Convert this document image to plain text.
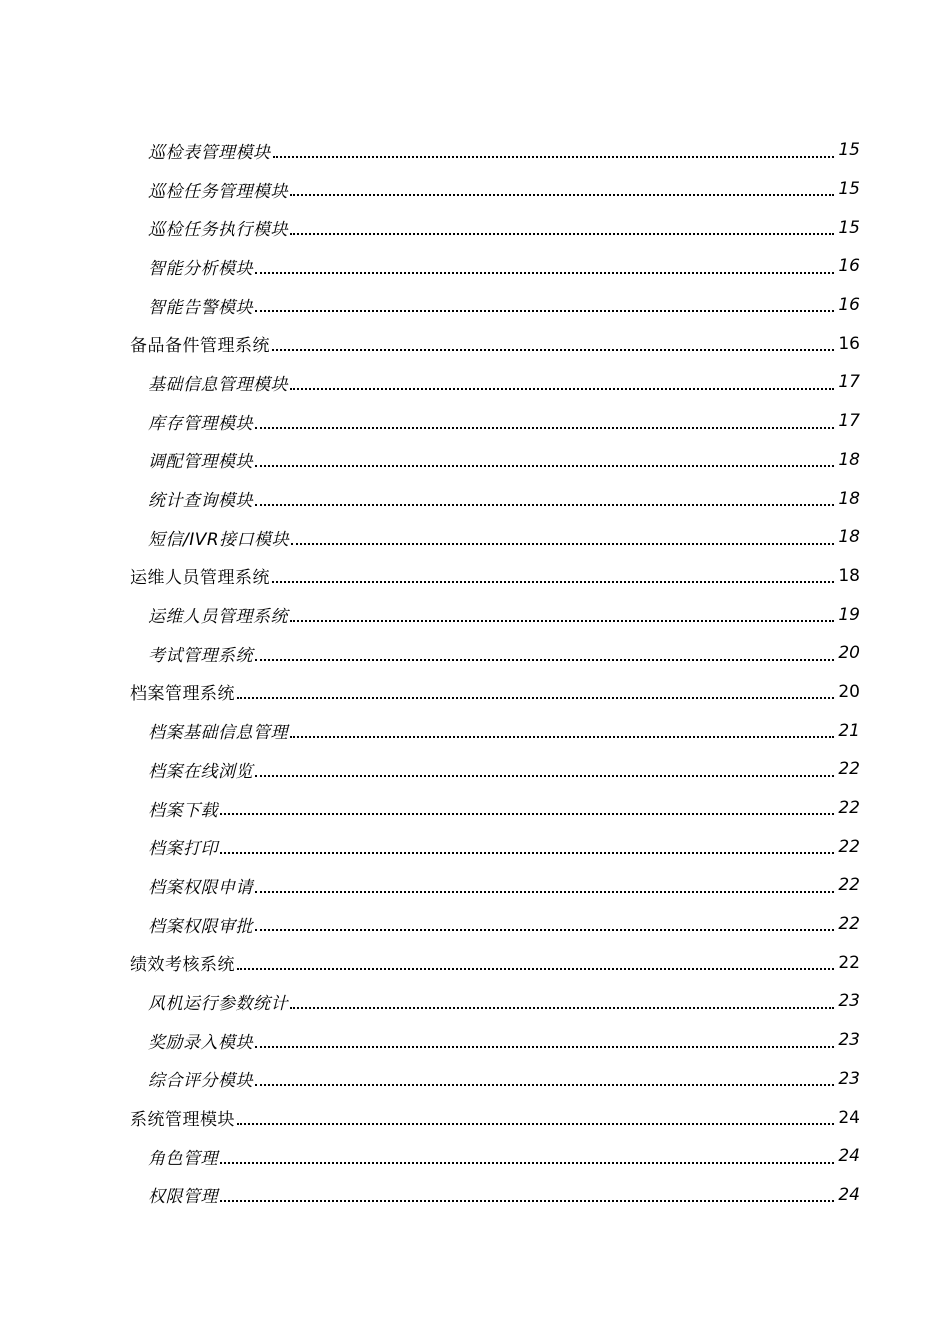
巡检表管理模块	15
巡检任务管理模块	15
巡检任务执行模块	15
智能分析模块	16
智能告警模块	16
备品备件管理系统	16
基础信息管理模块	17
库存管理模块	17
调配管理模块	18
统计查询模块	18
短信/IVR接口模块	18
运维人员管理系统	18
运维人员管理系统	19
考试管理系统	20
档案管理系统	20
档案基础信息管理	21
档案在线浏览	22
档案下载	22
档案打印	22
档案权限申请	22
档案权限审批	22
绩效考核系统	22
风机运行参数统计	23
奖励录入模块	23
综合评分模块	23
系统管理模块	24
角色管理	24
权限管理	24
